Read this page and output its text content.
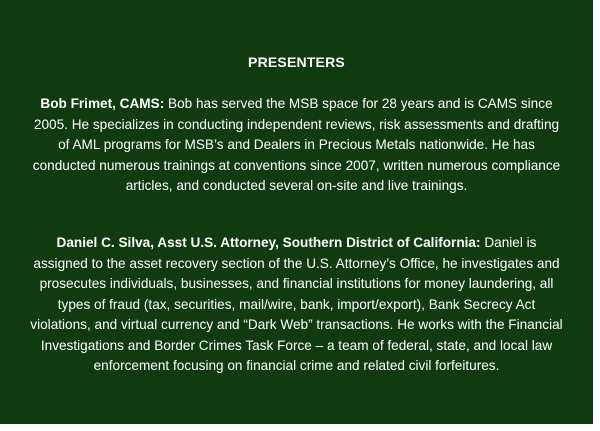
PRESENTERS

Bob Frimet, CAMS: Bob has served the MSB space for 28 years and is CAMS since 2005. He specializes in conducting independent reviews, risk assessments and drafting of AML programs for MSB’s and Dealers in Precious Metals nationwide. He has conducted numerous trainings at conventions since 2007, written numerous compliance articles, and conducted several on-site and live trainings.

Daniel C. Silva, Asst U.S. Attorney, Southern District of California: Daniel is assigned to the asset recovery section of the U.S. Attorney’s Office, he investigates and prosecutes individuals, businesses, and financial institutions for money laundering, all types of fraud (tax, securities, mail/wire, bank, import/export), Bank Secrecy Act violations, and virtual currency and “Dark Web” transactions. He works with the Financial Investigations and Border Crimes Task Force – a team of federal, state, and local law enforcement focusing on financial crime and related civil forfeitures.
